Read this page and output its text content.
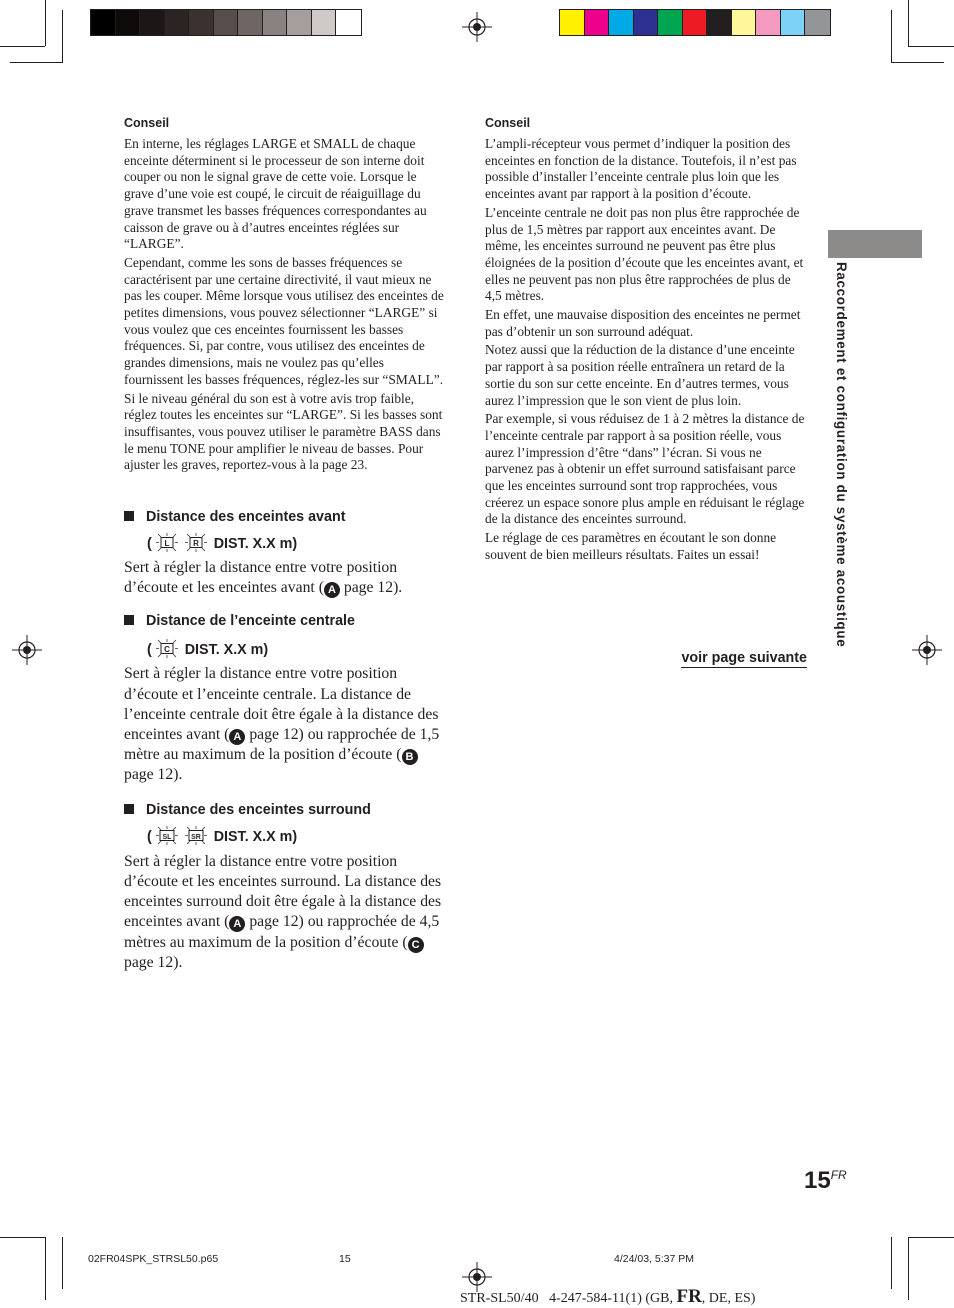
Conseil

En interne, les réglages LARGE et SMALL de chaque enceinte déterminent si le processeur de son interne doit couper ou non le signal grave de cette voie. Lorsque le grave d’une voie est coupé, le circuit de réaiguillage du grave transmet les basses fréquences correspondantes au caisson de grave ou à d’autres enceintes réglées sur “LARGE”.

Cependant, comme les sons de basses fréquences se caractérisent par une certaine directivité, il vaut mieux ne pas les couper. Même lorsque vous utilisez des enceintes de petites dimensions, vous pouvez sélectionner “LARGE” si vous voulez que ces enceintes fournissent les basses fréquences. Si, par contre, vous utilisez des enceintes de grandes dimensions, mais ne voulez pas qu’elles fournissent les basses fréquences, réglez-les sur “SMALL”.

Si le niveau général du son est à votre avis trop faible, réglez toutes les enceintes sur “LARGE”. Si les basses sont insuffisantes, vous pouvez utiliser le paramètre BASS dans le menu TONE pour amplifier le niveau de basses. Pour ajuster les graves, reportez-vous à la page 23.

Distance des enceintes avant
( L
	R DIST. X.X m)

Sert à régler la distance entre votre position d’écoute et les enceintes avant ( A page 12).

Distance de l’enceinte centrale
( C DIST. X.X m)

Sert à régler la distance entre votre position d’écoute et l’enceinte centrale. La distance de l’enceinte centrale doit être égale à la distance des enceintes avant ( A page 12) ou rapprochée de 1,5 mètre au maximum de la position d’écoute ( B page 12).

Distance des enceintes surround
( SL
	SR DIST. X.X m)

Sert à régler la distance entre votre position d’écoute et les enceintes surround. La distance des enceintes surround doit être égale à la distance des enceintes avant ( A page 12) ou rapprochée de 4,5 mètres au maximum de la position d’écoute ( C page 12).

Conseil

L’ampli-récepteur vous permet d’indiquer la position des enceintes en fonction de la distance. Toutefois, il n’est pas possible d’installer l’enceinte centrale plus loin que les enceintes avant par rapport à la position d’écoute.

L’enceinte centrale ne doit pas non plus être rapprochée de plus de 1,5 mètres par rapport aux enceintes avant. De même, les enceintes surround ne peuvent pas être plus éloignées de la position d’écoute que les enceintes avant, et elles ne peuvent pas non plus être rapprochées de plus de 4,5 mètres.

En effet, une mauvaise disposition des enceintes ne permet pas d’obtenir un son surround adéquat.

Notez aussi que la réduction de la distance d’une enceinte par rapport à sa position réelle entraînera un retard de la sortie du son sur cette enceinte. En d’autres termes, vous aurez l’impression que le son vient de plus loin.

Par exemple, si vous réduisez de 1 à 2 mètres la distance de l’enceinte centrale par rapport à sa position réelle, vous aurez l’impression d’être “dans” l’écran. Si vous ne parvenez pas à obtenir un effet surround satisfaisant parce que les enceintes surround sont trop rapprochées, vous créerez un espace sonore plus ample en réduisant le réglage de la distance des enceintes surround.

Le réglage de ces paramètres en écoutant le son donne souvent de bien meilleurs résultats. Faites un essai!

voir page suivante
Raccordement et configuration du système acoustique
$15^{FR}$
02FR04SPK_STRSL50.p65	15	4/24/03, 5:37 PM

STR-SL50/40   4-247-584-11(1) (GB, FR, DE, ES)
